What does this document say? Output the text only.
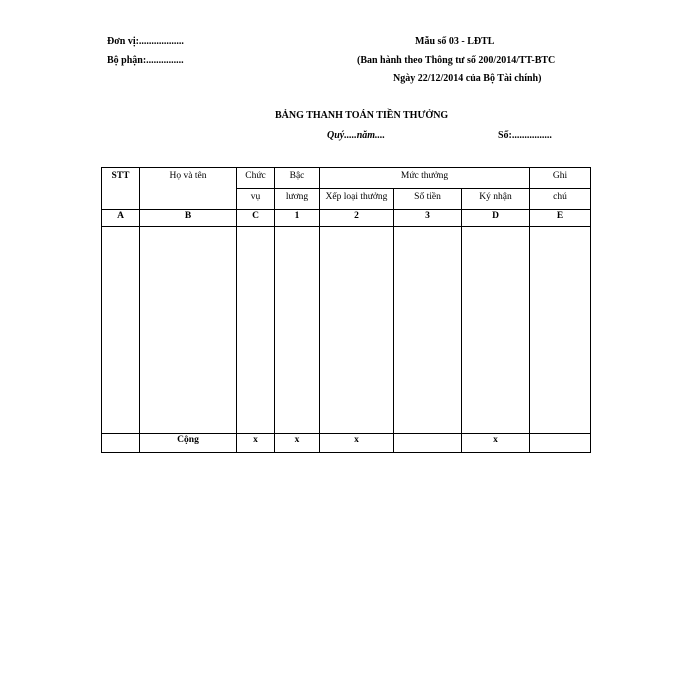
Đơn vị:..................
Bộ phận:...............
Mẫu số 03 - LĐTL
(Ban hành theo Thông tư số 200/2014/TT-BTC
Ngày 22/12/2014 của Bộ Tài chính)
BẢNG THANH TOÁN TIỀN THƯỞNG
Quý.....năm....	Số:................
STT	Họ và tên	Chức	Bậc	Mức thưởng			Ghi
		vụ	lương	Xếp loại thưởng	Số tiền	Ký nhận	chú
A	B	C	1	2	3	D	E

	Cộng	x	x	x		x	
